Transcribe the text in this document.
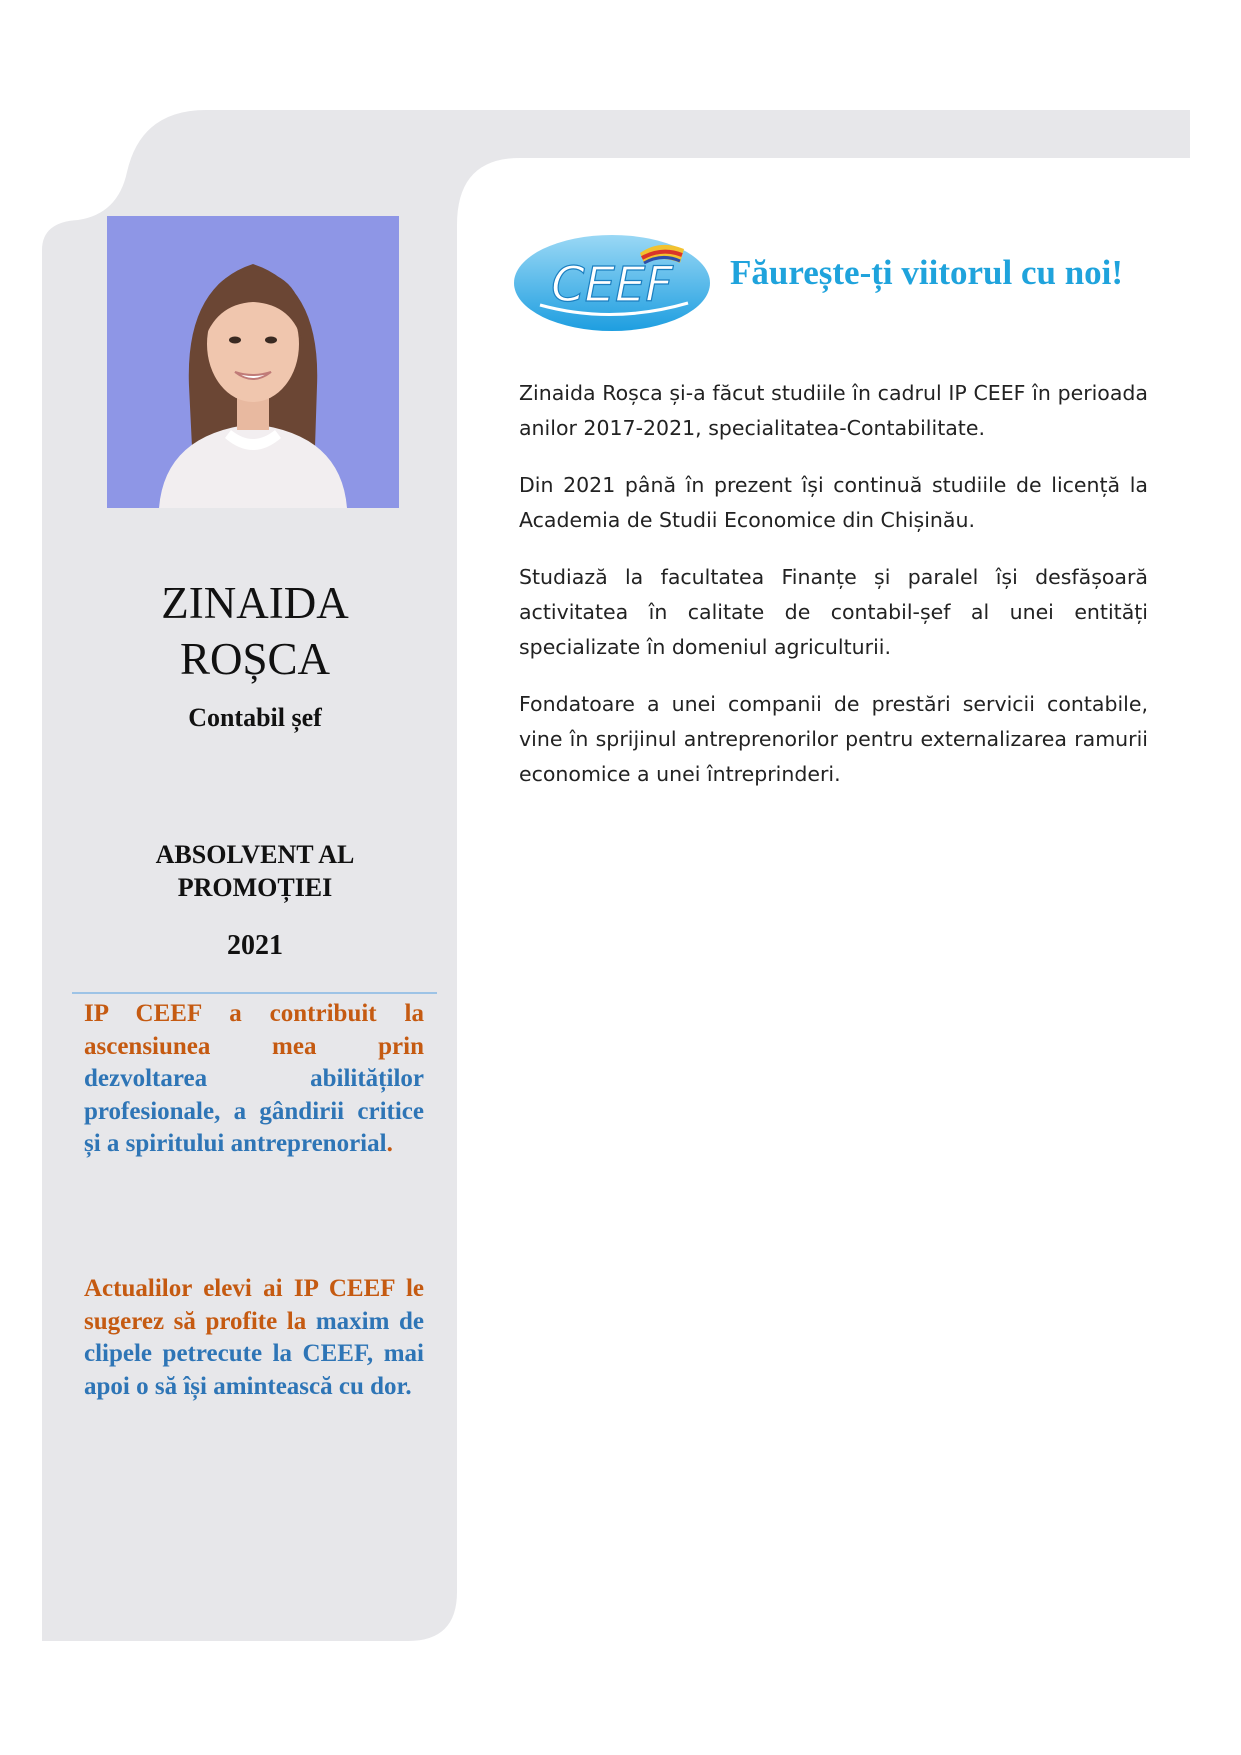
ZINAIDA
ROȘCA
Contabil șef
ABSOLVENT AL
PROMOȚIEI
2021
IP CEEF a contribuit la ascensiunea mea prin dezvoltarea abilităților profesionale, a gândirii critice și a spiritului antreprenorial.
Actualilor elevi ai IP CEEF le sugerez să profite la maxim de clipele petrecute la CEEF, mai apoi o să își amintească cu dor.
CEEF Făurește-ți viitorul cu noi!

Zinaida Roșca și-a făcut studiile în cadrul IP CEEF în perioada anilor 2017-2021, specialitatea-Contabilitate.

Din 2021 până în prezent își continuă studiile de licență la Academia de Studii Economice din Chișinău.

Studiază la facultatea Finanțe și paralel își desfășoară activitatea în calitate de contabil-șef al unei entități specializate în domeniul agriculturii.

Fondatoare a unei companii de prestări servicii contabile, vine în sprijinul antreprenorilor pentru externalizarea ramurii economice a unei întreprinderi.
